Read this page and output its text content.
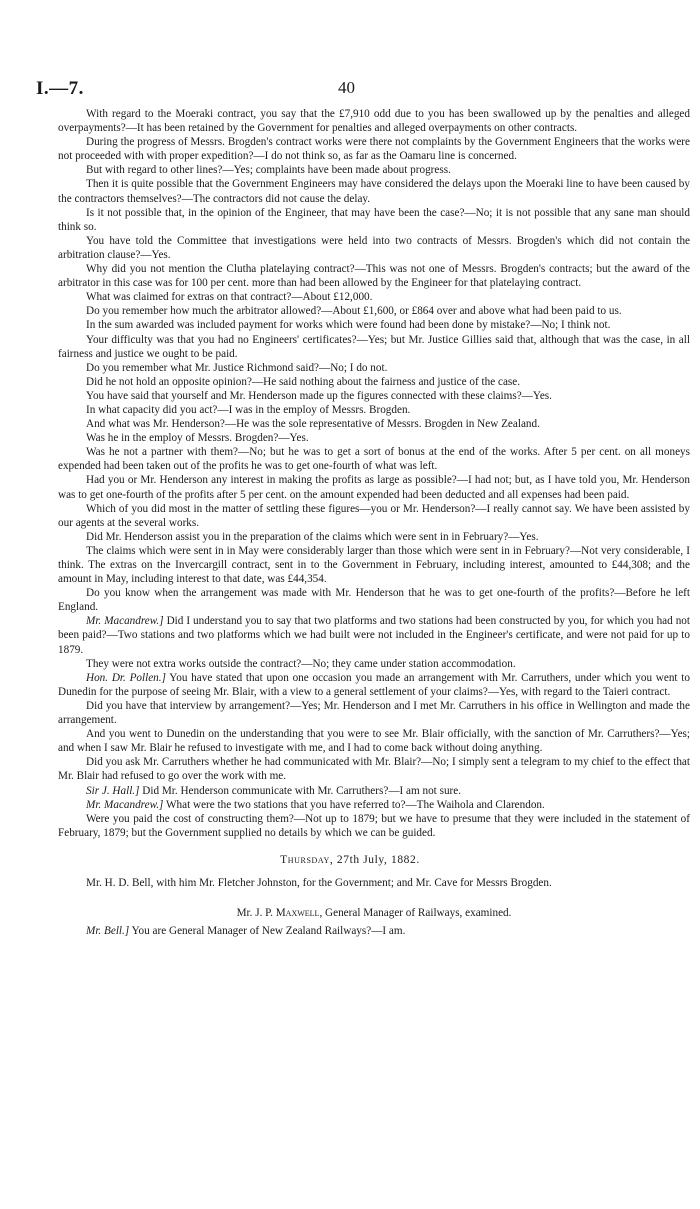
I.—7.	40

With regard to the Moeraki contract, you say that the £7,910 odd due to you has been swallowed up by the penalties and alleged overpayments?—It has been retained by the Government for penalties and alleged overpayments on other contracts.

During the progress of Messrs. Brogden's contract works were there not complaints by the Government Engineers that the works were not proceeded with with proper expedition?—I do not think so, as far as the Oamaru line is concerned.

But with regard to other lines?—Yes; complaints have been made about progress.

Then it is quite possible that the Government Engineers may have considered the delays upon the Moeraki line to have been caused by the contractors themselves?—The contractors did not cause the delay.

Is it not possible that, in the opinion of the Engineer, that may have been the case?—No; it is not possible that any sane man should think so.

You have told the Committee that investigations were held into two contracts of Messrs. Brogden's which did not contain the arbitration clause?—Yes.

Why did you not mention the Clutha platelaying contract?—This was not one of Messrs. Brogden's contracts; but the award of the arbitrator in this case was for 100 per cent. more than had been allowed by the Engineer for that platelaying contract.

What was claimed for extras on that contract?—About £12,000.

Do you remember how much the arbitrator allowed?—About £1,600, or £864 over and above what had been paid to us.

In the sum awarded was included payment for works which were found had been done by mistake?—No; I think not.

Your difficulty was that you had no Engineers' certificates?—Yes; but Mr. Justice Gillies said that, although that was the case, in all fairness and justice we ought to be paid.

Do you remember what Mr. Justice Richmond said?—No; I do not.

Did he not hold an opposite opinion?—He said nothing about the fairness and justice of the case.

You have said that yourself and Mr. Henderson made up the figures connected with these claims?—Yes.

In what capacity did you act?—I was in the employ of Messrs. Brogden.

And what was Mr. Henderson?—He was the sole representative of Messrs. Brogden in New Zealand.

Was he in the employ of Messrs. Brogden?—Yes.

Was he not a partner with them?—No; but he was to get a sort of bonus at the end of the works. After 5 per cent. on all moneys expended had been taken out of the profits he was to get one-fourth of what was left.

Had you or Mr. Henderson any interest in making the profits as large as possible?—I had not; but, as I have told you, Mr. Henderson was to get one-fourth of the profits after 5 per cent. on the amount expended had been deducted and all expenses had been paid.

Which of you did most in the matter of settling these figures—you or Mr. Henderson?—I really cannot say. We have been assisted by our agents at the several works.

Did Mr. Henderson assist you in the preparation of the claims which were sent in in February?—Yes.

The claims which were sent in in May were considerably larger than those which were sent in in February?—Not very considerable, I think. The extras on the Invercargill contract, sent in to the Government in February, including interest, amounted to £44,308; and the amount in May, including interest to that date, was £44,354.

Do you know when the arrangement was made with Mr. Henderson that he was to get one-fourth of the profits?—Before he left England.

Mr. Macandrew.] Did I understand you to say that two platforms and two stations had been constructed by you, for which you had not been paid?—Two stations and two platforms which we had built were not included in the Engineer's certificate, and were not paid for up to 1879.

They were not extra works outside the contract?—No; they came under station accommodation.

Hon. Dr. Pollen.] You have stated that upon one occasion you made an arrangement with Mr. Carruthers, under which you went to Dunedin for the purpose of seeing Mr. Blair, with a view to a general settlement of your claims?—Yes, with regard to the Taieri contract.

Did you have that interview by arrangement?—Yes; Mr. Henderson and I met Mr. Carruthers in his office in Wellington and made the arrangement.

And you went to Dunedin on the understanding that you were to see Mr. Blair officially, with the sanction of Mr. Carruthers?—Yes; and when I saw Mr. Blair he refused to investigate with me, and I had to come back without doing anything.

Did you ask Mr. Carruthers whether he had communicated with Mr. Blair?—No; I simply sent a telegram to my chief to the effect that Mr. Blair had refused to go over the work with me.

Sir J. Hall.] Did Mr. Henderson communicate with Mr. Carruthers?—I am not sure.

Mr. Macandrew.] What were the two stations that you have referred to?—The Waihola and Clarendon.

Were you paid the cost of constructing them?—Not up to 1879; but we have to presume that they were included in the statement of February, 1879; but the Government supplied no details by which we can be guided.

Thursday, 27th July, 1882.

Mr. H. D. Bell, with him Mr. Fletcher Johnston, for the Government; and Mr. Cave for Messrs Brogden.

Mr. J. P. Maxwell, General Manager of Railways, examined.

Mr. Bell.] You are General Manager of New Zealand Railways?—I am.
